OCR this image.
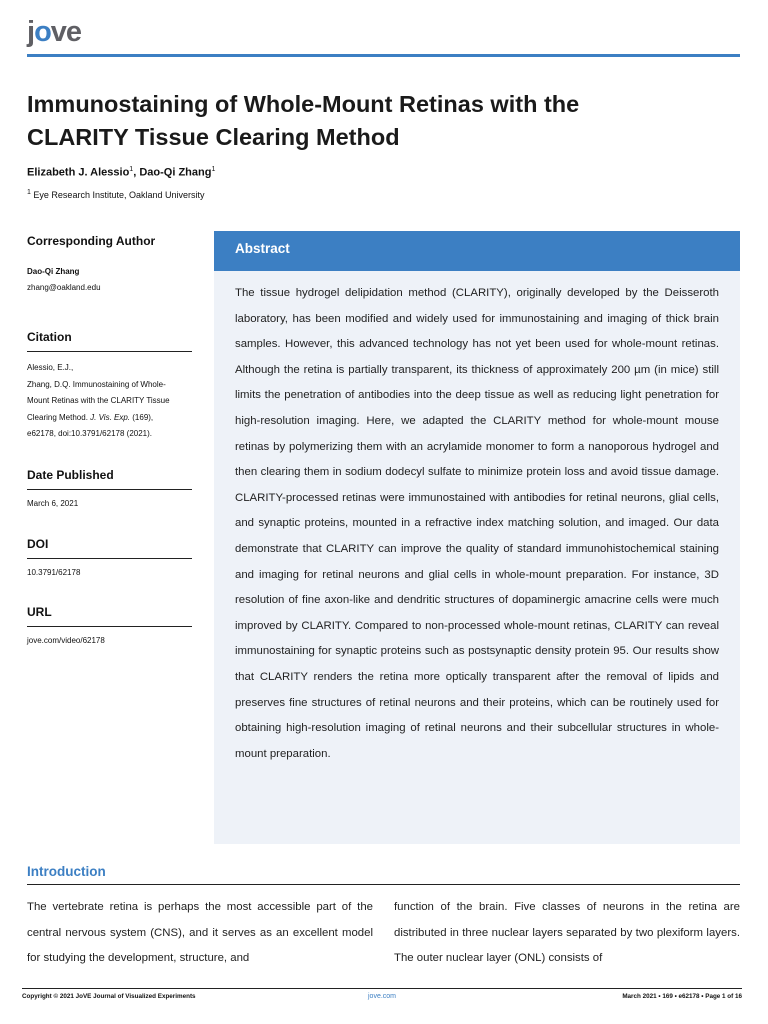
jove
Immunostaining of Whole-Mount Retinas with the
CLARITY Tissue Clearing Method
Elizabeth J. Alessio$^1$, Dao-Qi Zhang$^1$
$^1$ Eye Research Institute, Oakland University
Corresponding Author
Dao-Qi Zhang
zhang@oakland.edu
Citation
Alessio, E.J.,
Zhang, D.Q. Immunostaining of Whole-
Mount Retinas with the CLARITY Tissue
Clearing Method. J. Vis. Exp. (169),
e62178, doi:10.3791/62178 (2021).
Date Published
March 6, 2021
DOI
10.3791/62178
URL
jove.com/video/62178
Abstract
The tissue hydrogel delipidation method (CLARITY), originally developed by the Deisseroth laboratory, has been modified and widely used for immunostaining and imaging of thick brain samples. However, this advanced technology has not yet been used for whole-mount retinas. Although the retina is partially transparent, its thickness of approximately 200 µm (in mice) still limits the penetration of antibodies into the deep tissue as well as reducing light penetration for high-resolution imaging. Here, we adapted the CLARITY method for whole-mount mouse retinas by polymerizing them with an acrylamide monomer to form a nanoporous hydrogel and then clearing them in sodium dodecyl sulfate to minimize protein loss and avoid tissue damage. CLARITY-processed retinas were immunostained with antibodies for retinal neurons, glial cells, and synaptic proteins, mounted in a refractive index matching solution, and imaged. Our data demonstrate that CLARITY can improve the quality of standard immunohistochemical staining and imaging for retinal neurons and glial cells in whole-mount preparation. For instance, 3D resolution of fine axon-like and dendritic structures of dopaminergic amacrine cells were much improved by CLARITY. Compared to non-processed whole-mount retinas, CLARITY can reveal immunostaining for synaptic proteins such as postsynaptic density protein 95. Our results show that CLARITY renders the retina more optically transparent after the removal of lipids and preserves fine structures of retinal neurons and their proteins, which can be routinely used for obtaining high-resolution imaging of retinal neurons and their subcellular structures in whole-mount preparation.
Introduction
The vertebrate retina is perhaps the most accessible part of the central nervous system (CNS), and it serves as an excellent model for studying the development, structure, and
function of the brain. Five classes of neurons in the retina are distributed in three nuclear layers separated by two plexiform layers. The outer nuclear layer (ONL) consists of
Copyright © 2021 JoVE Journal of Visualized Experiments	jove.com	March 2021 • 169 • e62178 • Page 1 of 16
